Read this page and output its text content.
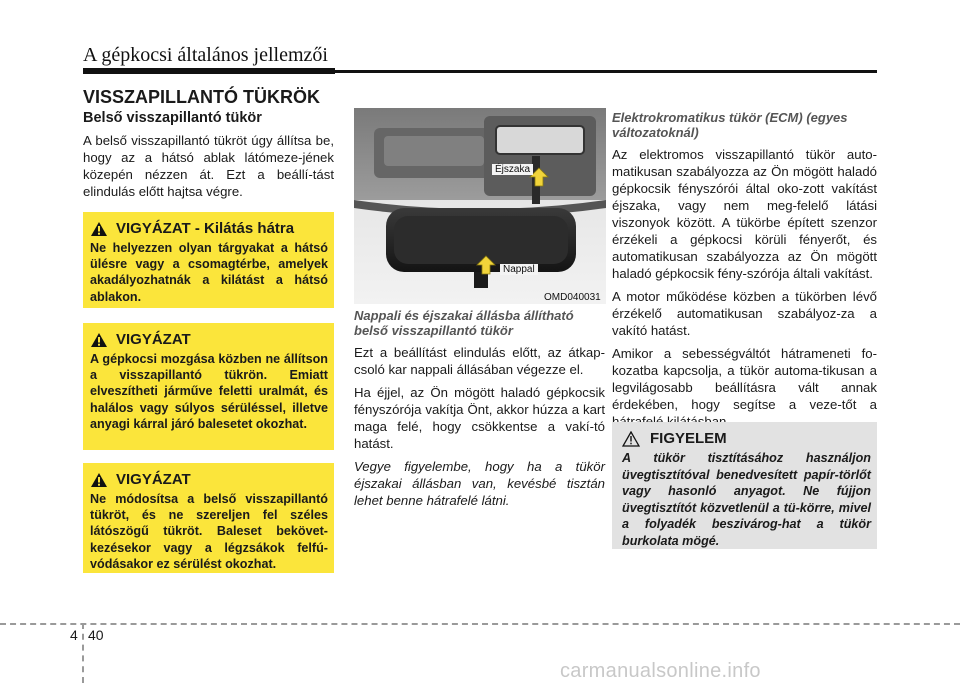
A gépkocsi általános jellemzői
VISSZAPILLANTÓ TÜKRÖK
Belső visszapillantó tükör

A belső visszapillantó tükröt úgy állítsa be, hogy az a hátsó ablak látómeze-jének közepén nézzen át. Ezt a beállí-tást elindulás előtt hajtsa végre.

VIGYÁZAT - Kilátás hátra
Ne helyezzen olyan tárgyakat a hátsó ülésre vagy a csomagtérbe, amelyek akadályozhatnák a kilátást a hátsó ablakon.
VIGYÁZAT
A gépkocsi mozgása közben ne állítson a visszapillantó tükrön. Emiatt elveszítheti járműve feletti uralmát, és halálos vagy súlyos sérüléssel, illetve anyagi kárral járó balesetet okozhat.
VIGYÁZAT
Ne módosítsa a belső visszapillantó tükröt, és ne szereljen fel széles látószögű tükröt. Baleset bekövet-kezésekor vagy a légzsákok felfú-vódásakor ez sérülést okozhat.
Éjszaka
Nappal
OMD040031
Nappali és éjszakai állásba állítható belső visszapillantó tükör

Ezt a beállítást elindulás előtt, az átkap-csoló kar nappali állásában végezze el.

Ha éjjel, az Ön mögött haladó gépkocsik fényszórója vakítja Önt, akkor húzza a kart maga felé, hogy csökkentse a vakí-tó hatást.

Vegye figyelembe, hogy ha a tükör éjszakai állásban van, kevésbé tisztán lehet benne hátrafelé látni.

Elektrokromatikus tükör (ECM) (egyes változatoknál)

Az elektromos visszapillantó tükör auto-matikusan szabályozza az Ön mögött haladó gépkocsik fényszórói által oko-zott vakítást éjszaka, vagy nem meg-felelő látási viszonyok között. A tükörbe épített szenzor érzékeli a gépkocsi körüli fényerőt, és automatikusan szabályozza az Ön mögött haladó gépkocsik fény-szórója általi vakítást.

A motor működése közben a tükörben lévő érzékelő automatikusan szabályoz-za a vakító hatást.

Amikor a sebességváltót hátrameneti fo-kozatba kapcsolja, a tükör automa-tikusan a legvilágosabb beállításra vált annak érdekében, hogy segítse a veze-tőt a

FIGYELEM
A tükör tisztításához használjon üvegtisztítóval benedvesített papír-törlőt vagy hasonló anyagot. Ne fújjon üvegtisztítót közvetlenül a tü-körre, mivel a folyadék beszivárog-hat a tükör burkolata mögé.
4 40
carmanualsonline.info
